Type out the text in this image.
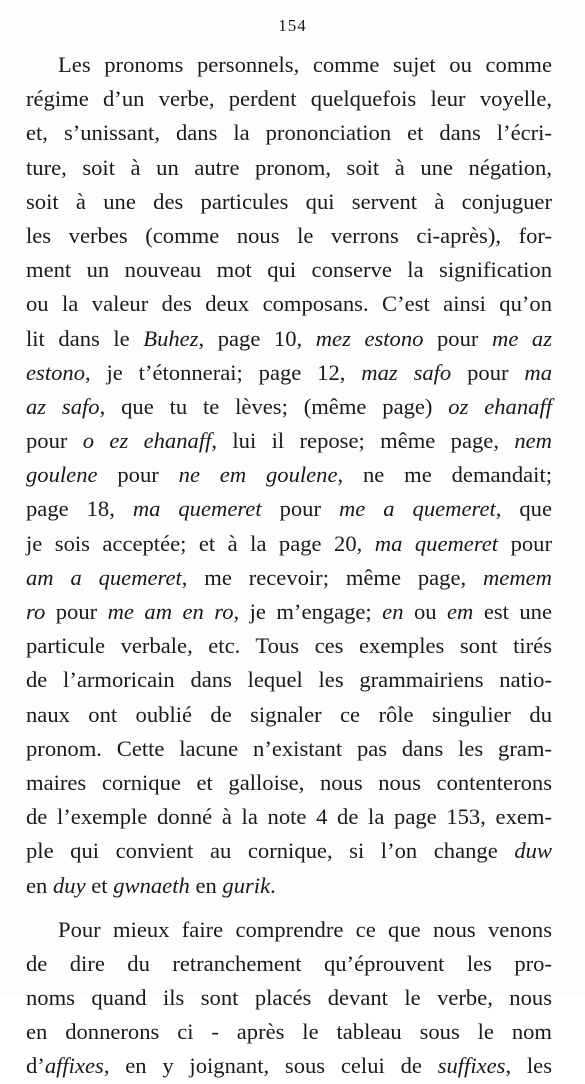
154
Les pronoms personnels, comme sujet ou comme
régime d’un verbe, perdent quelquefois leur voyelle,
et, s’unissant, dans la prononciation et dans l’écri-
ture, soit à un autre pronom, soit à une négation,
soit à une des particules qui servent à conjuguer
les verbes (comme nous le verrons ci-après), for-
ment un nouveau mot qui conserve la signification
ou la valeur des deux composans. C’est ainsi qu’on
lit dans le Buhez, page 10, mez estono pour me az
estono, je t’étonnerai; page 12, maz safo pour ma
az safo, que tu te lèves; (même page) oz ehanaff
pour o ez ehanaff, lui il repose; même page, nem
goulene pour ne em goulene, ne me demandait;
page 18, ma quemeret pour me a quemeret, que
je sois acceptée; et à la page 20, ma quemeret pour
am a quemeret, me recevoir; même page, memem
ro pour me am en ro, je m’engage; en ou em est une
particule verbale, etc. Tous ces exemples sont tirés
de l’armoricain dans lequel les grammairiens natio-
naux ont oublié de signaler ce rôle singulier du
pronom. Cette lacune n’existant pas dans les gram-
maires cornique et galloise, nous nous contenterons
de l’exemple donné à la note 4 de la page 153, exem-
ple qui convient au cornique, si l’on change duw
en duy et gwnaeth en gurik.
Pour mieux faire comprendre ce que nous venons
de dire du retranchement qu’éprouvent les pro-
noms quand ils sont placés devant le verbe, nous
en donnerons ci - après le tableau sous le nom
d’affixes, en y joignant, sous celui de suffixes, les
